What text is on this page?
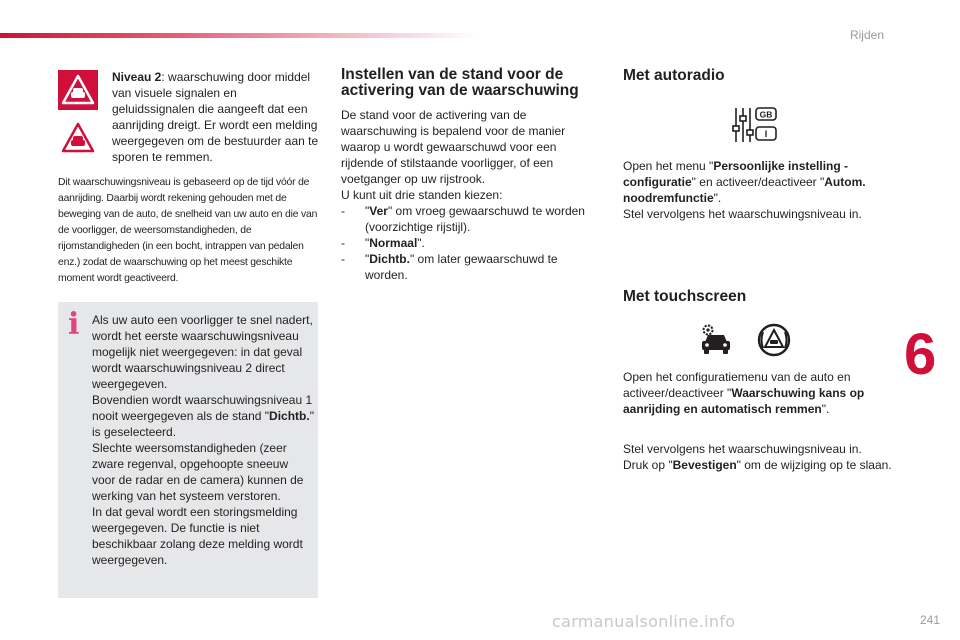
Rijden
Niveau 2: waarschuwing door middel van visuele signalen en geluidssignalen die aangeeft dat een aanrijding dreigt. Er wordt een melding weergegeven om de bestuurder aan te sporen te remmen.
Dit waarschuwingsniveau is gebaseerd op de tijd vóór de aanrijding. Daarbij wordt rekening gehouden met de beweging van de auto, de snelheid van uw auto en die van de voorligger, de weersomstandigheden, de rijomstandigheden (in een bocht, intrappen van pedalen enz.) zodat de waarschuwing op het meest geschikte moment wordt geactiveerd.
i Als uw auto een voorligger te snel nadert, wordt het eerste waarschuwingsniveau mogelijk niet weergegeven: in dat geval wordt waarschuwingsniveau 2 direct weergegeven.

Bovendien wordt waarschuwingsniveau 1 nooit weergegeven als de stand "Dichtb." is geselecteerd.

Slechte weersomstandigheden (zeer zware regenval, opgehoopte sneeuw voor de radar en de camera) kunnen de werking van het systeem verstoren.

In dat geval wordt een storingsmelding weergegeven. De functie is niet beschikbaar zolang deze melding wordt weergegeven.

Instellen van de stand voor de activering van de waarschuwing
De stand voor de activering van de waarschuwing is bepalend voor de manier waarop u wordt gewaarschuwd voor een rijdende of stilstaande voorligger, of een voetganger op uw rijstrook.
U kunt uit drie standen kiezen:
- "Ver" om vroeg gewaarschuwd te worden (voorzichtige rijstijl).
- "Normaal".
- "Dichtb." om later gewaarschuwd te worden.
Met autoradio
GB
I
Open het menu "Persoonlijke instelling - configuratie" en activeer/deactiveer "Autom. noodremfunctie".
Stel vervolgens het waarschuwingsniveau in.
Met touchscreen
Open het configuratiemenu van de auto en activeer/deactiveer "Waarschuwing kans op aanrijding en automatisch remmen".
Stel vervolgens het waarschuwingsniveau in.
Druk op "Bevestigen" om de wijziging op te slaan.
6
carmanualsonline.info	241
